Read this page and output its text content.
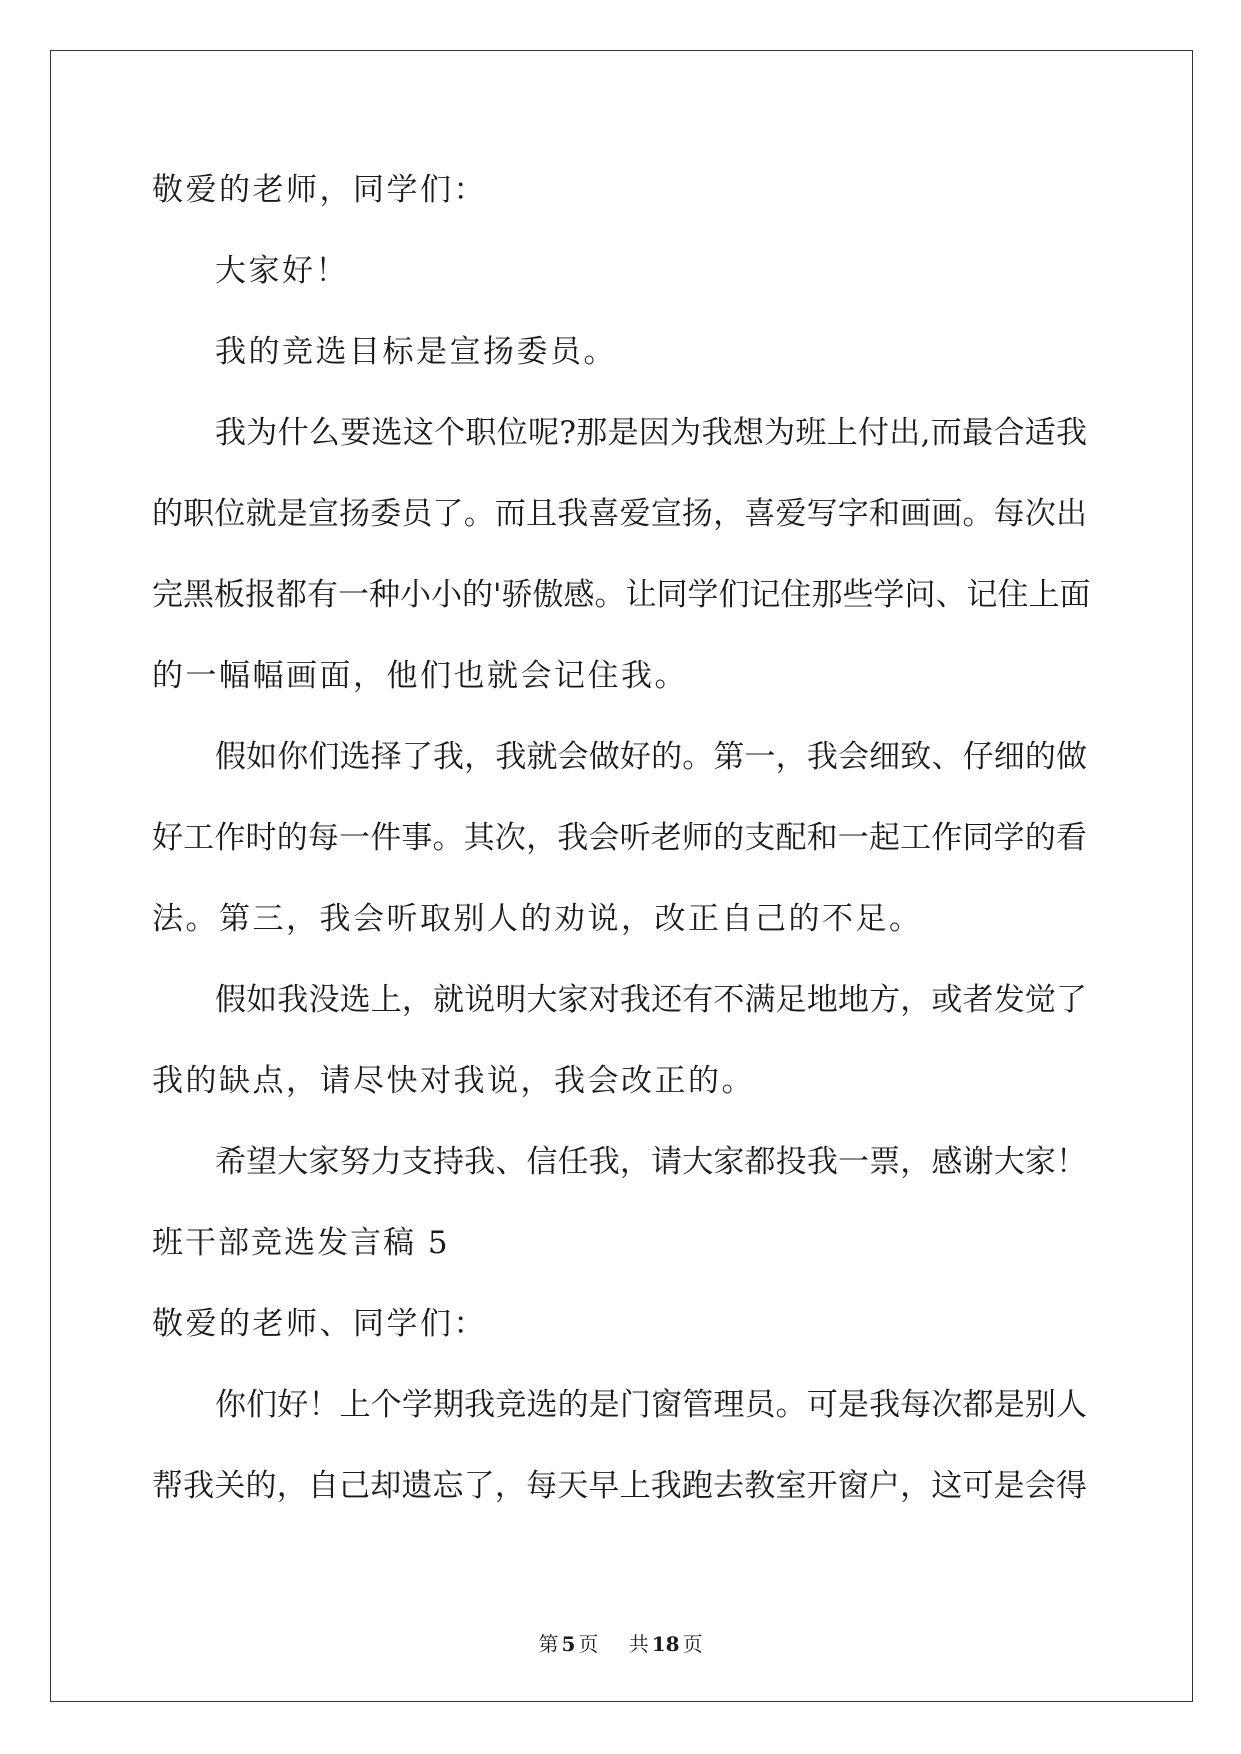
敬爱的老师，同学们：
大家好！
我的竞选目标是宣扬委员。
我为什么要选这个职位呢?那是因为我想为班上付出,而最合适我
的职位就是宣扬委员了。而且我喜爱宣扬，喜爱写字和画画。每次出
完黑板报都有一种小小的'骄傲感。让同学们记住那些学问、记住上面
的一幅幅画面，他们也就会记住我。
假如你们选择了我，我就会做好的。第一，我会细致、仔细的做
好工作时的每一件事。其次，我会听老师的支配和一起工作同学的看
法。第三，我会听取别人的劝说，改正自己的不足。
假如我没选上，就说明大家对我还有不满足地地方，或者发觉了
我的缺点，请尽快对我说，我会改正的。
希望大家努力支持我、信任我，请大家都投我一票，感谢大家！
班干部竞选发言稿 5
敬爱的老师、同学们：
你们好！上个学期我竞选的是门窗管理员。可是我每次都是别人
帮我关的，自己却遗忘了，每天早上我跑去教室开窗户，这可是会得
第 5 页 共 18 页
